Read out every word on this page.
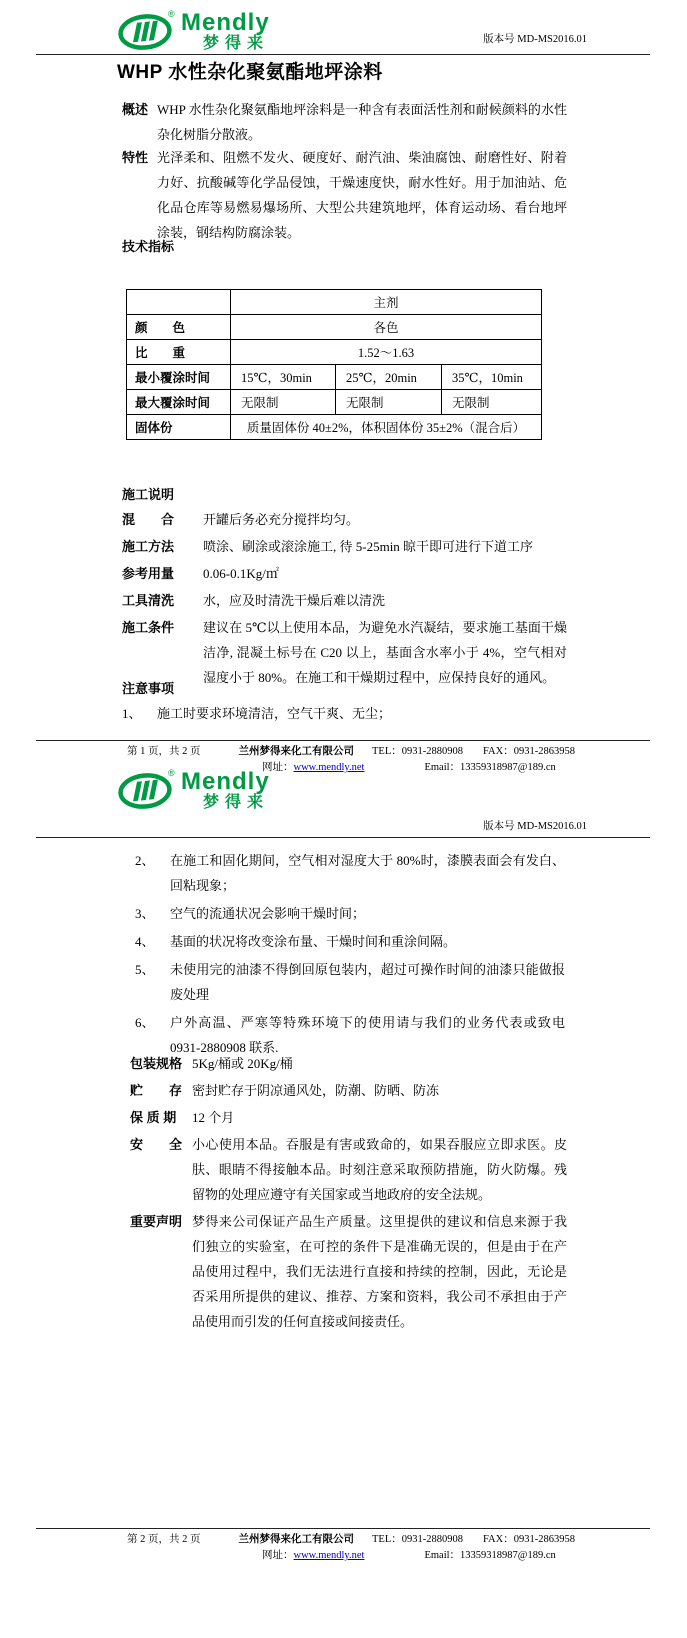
® Mendly
梦得来	版本号 MD-MS2016.01
WHP 水性杂化聚氨酯地坪涂料
概述 WHP 水性杂化聚氨酯地坪涂料是一种含有表面活性剂和耐候颜料的水性杂化树脂分散液。
特性 光泽柔和、阻燃不发火、硬度好、耐汽油、柴油腐蚀、耐磨性好、附着力好、抗酸碱等化学品侵蚀，干燥速度快，耐水性好。用于加油站、危化品仓库等易燃易爆场所、大型公共建筑地坪，体育运动场、看台地坪涂装，钢结构防腐涂装。
技术指标
	主剂		
颜　　色	各色		
比　　重	1.52～1.63		
最小覆涂时间	15℃，30min	25℃，20min	35℃，10min
最大覆涂时间	无限制	无限制	无限制
固体份	质量固体份 40±2%，体积固体份 35±2%（混合后）		
施工说明
混　　合	开罐后务必充分搅拌均匀。
施工方法	喷涂、刷涂或滚涂施工, 待 5-25min 晾干即可进行下道工序
参考用量	0.06-0.1Kg/㎡
工具清洗	水，应及时清洗干燥后难以清洗
施工条件	建议在 5℃以上使用本品，为避免水汽凝结，要求施工基面干燥洁净, 混凝土标号在 C20 以上，基面含水率小于 4%，空气相对湿度小于 80%。在施工和干燥期过程中，应保持良好的通风。
注意事项
1、	施工时要求环境清洁，空气干爽、无尘；
第 1 页，共 2 页	兰州梦得来化工有限公司 TEL：0931-2880908 FAX：0931-2863958
网址：www.mendly.net	Email：13359318987@189.cn
® Mendly
梦得来
版本号 MD-MS2016.01
2、	在施工和固化期间，空气相对湿度大于 80%时，漆膜表面会有发白、回粘现象；
3、	空气的流通状况会影响干燥时间；
4、	基面的状况将改变涂布量、干燥时间和重涂间隔。
5、	未使用完的油漆不得倒回原包装内，超过可操作时间的油漆只能做报废处理
6、	户外高温、严寒等特殊环境下的使用请与我们的业务代表或致电 0931-2880908 联系.
包装规格 5Kg/桶或 20Kg/桶
贮　　存 密封贮存于阴凉通风处，防潮、防晒、防冻
保 质 期	12 个月
安　　全 小心使用本品。吞服是有害或致命的，如果吞服应立即求医。皮肤、眼睛不得接触本品。时刻注意采取预防措施，防火防爆。残留物的处理应遵守有关国家或当地政府的安全法规。
重要声明 梦得来公司保证产品生产质量。这里提供的建议和信息来源于我们独立的实验室，在可控的条件下是准确无误的，但是由于在产品使用过程中，我们无法进行直接和持续的控制，因此，无论是否采用所提供的建议、推荐、方案和资料，我公司不承担由于产品使用而引发的任何直接或间接责任。
第 2 页，共 2 页	兰州梦得来化工有限公司 TEL：0931-2880908 FAX：0931-2863958
网址：www.mendly.net	Email：13359318987@189.cn
